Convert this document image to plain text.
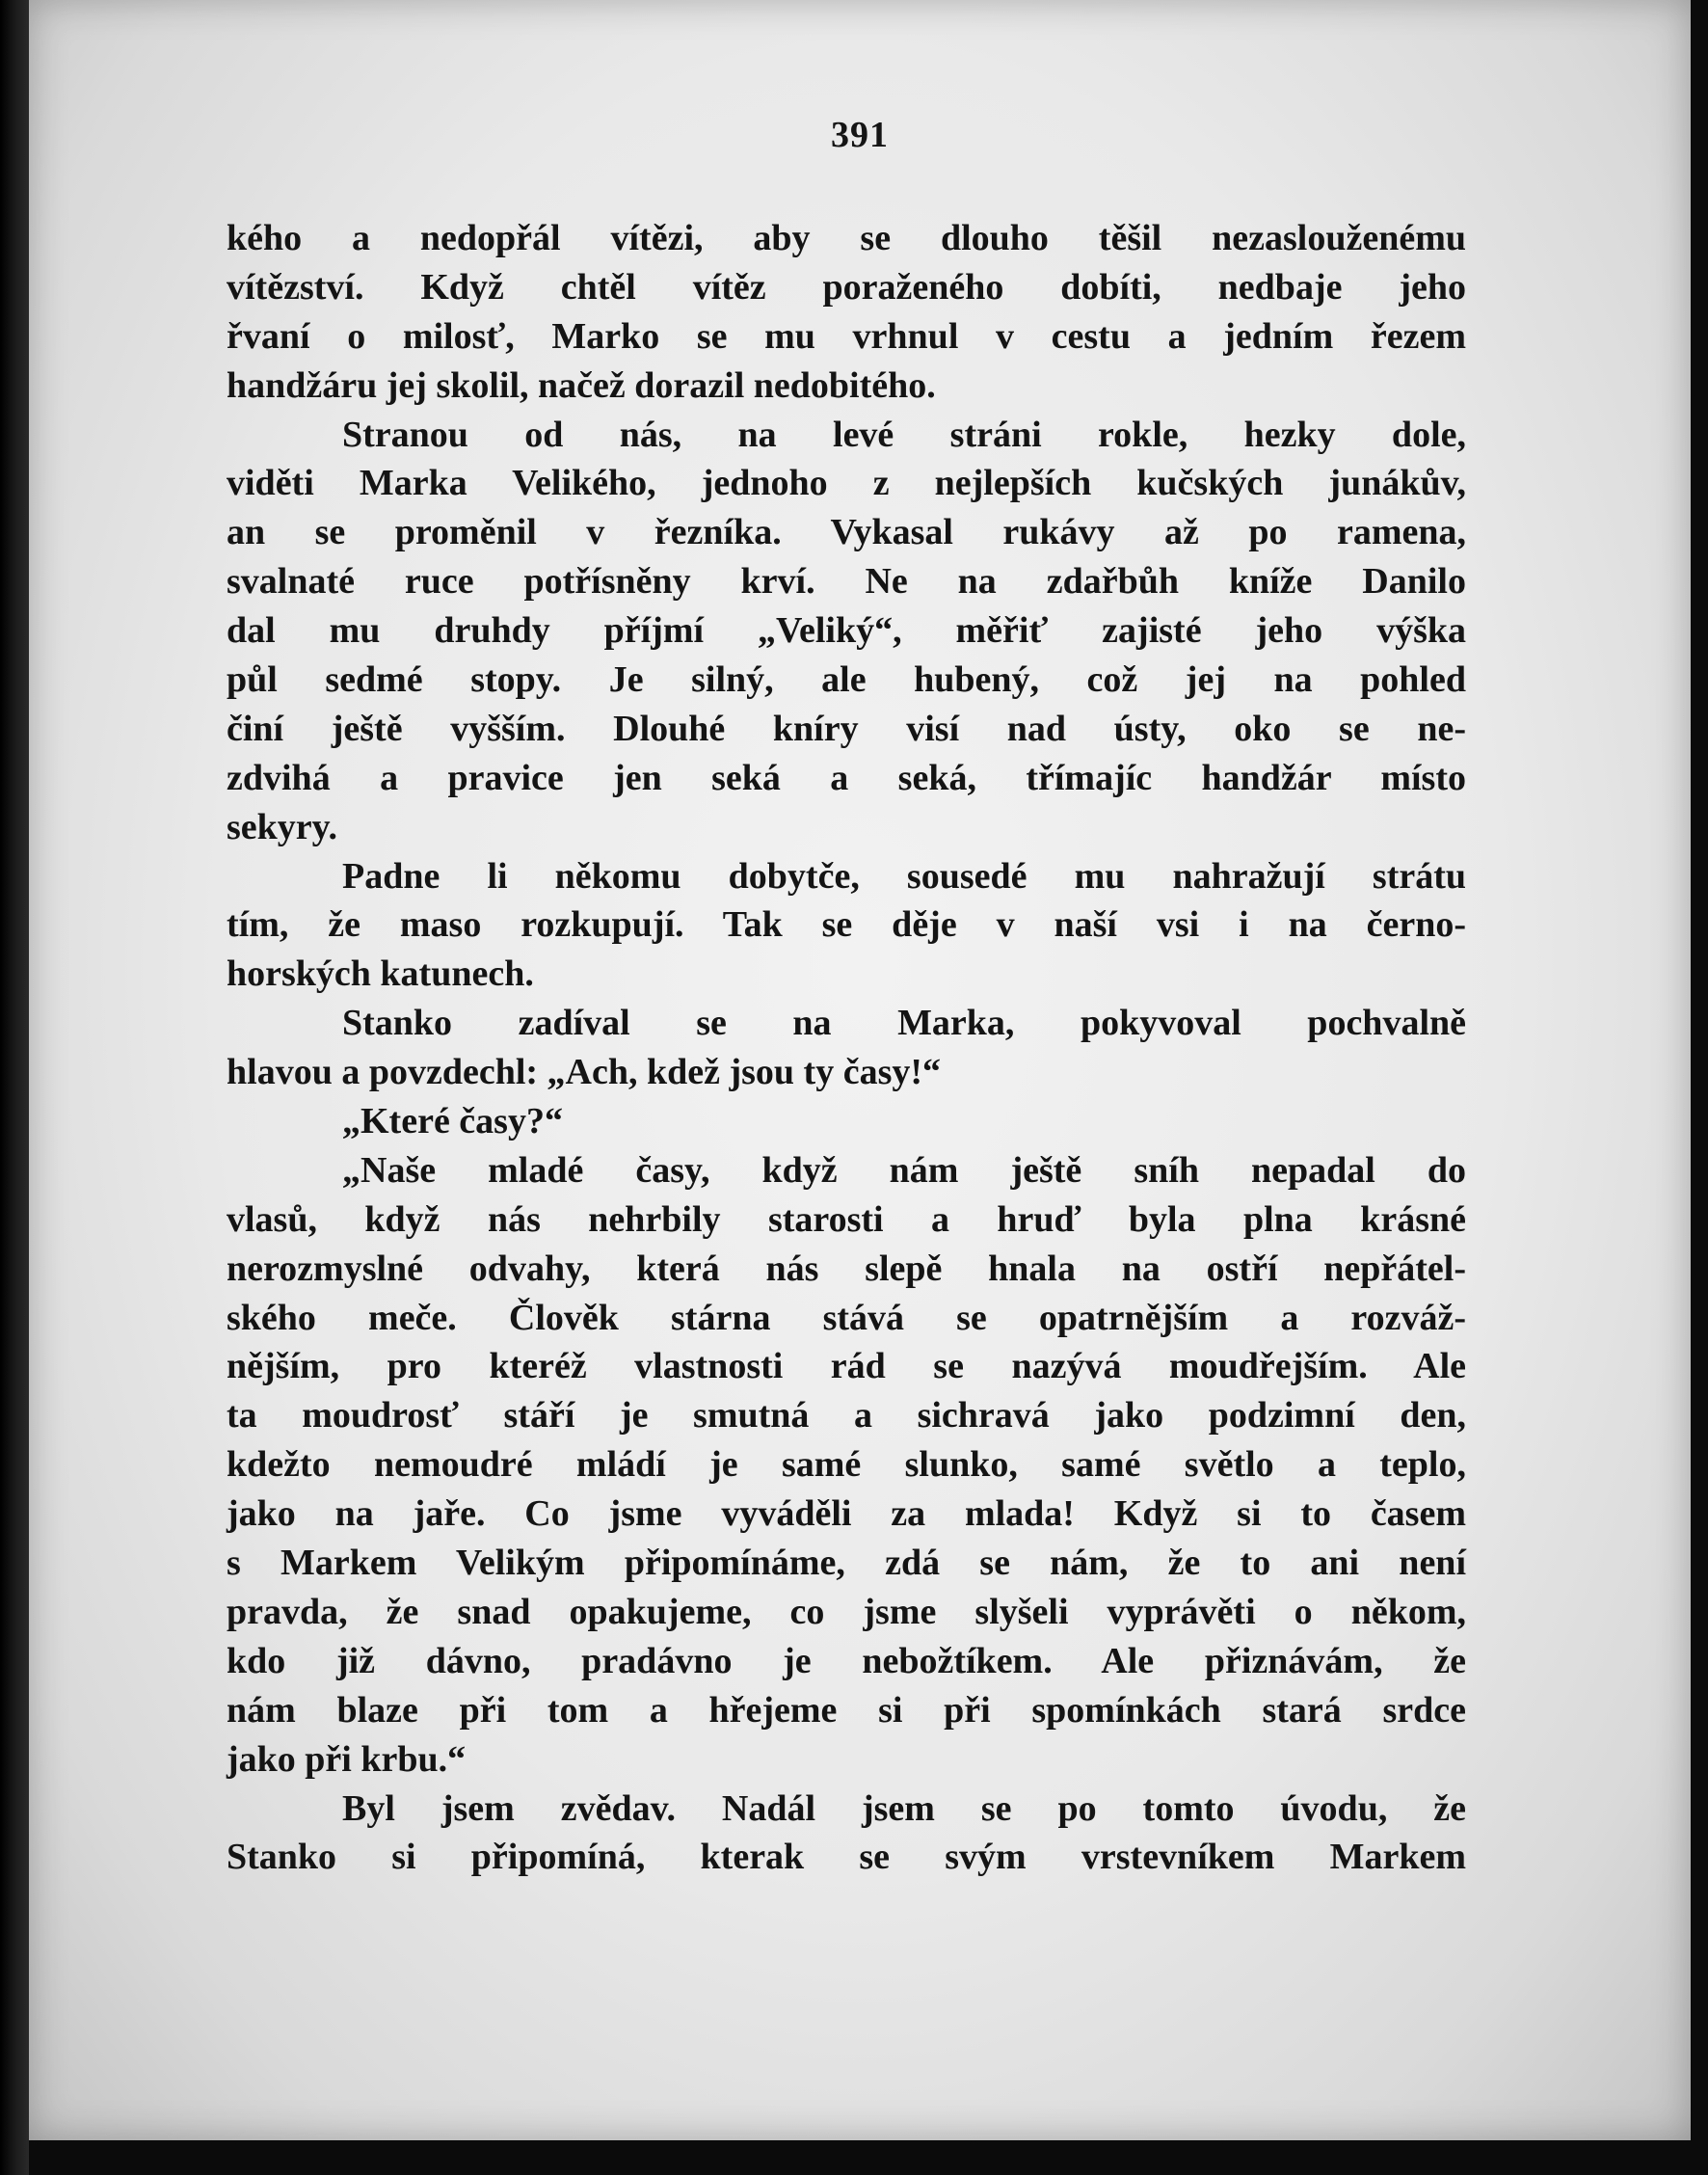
391
kého a nedopřál vítězi, aby se dlouho těšil nezaslouženému
vítězství. Když chtěl vítěz poraženého dobíti, nedbaje jeho
řvaní o milosť, Marko se mu vrhnul v cestu a jedním řezem
handžáru jej skolil, načež dorazil nedobitého.
Stranou od nás, na levé stráni rokle, hezky dole,
viděti Marka Velikého, jednoho z nejlepších kučských junákův,
an se proměnil v řezníka. Vykasal rukávy až po ramena,
svalnaté ruce potřísněny krví. Ne na zdařbůh kníže Danilo
dal mu druhdy příjmí „Veliký“, měřiť zajisté jeho výška
půl sedmé stopy. Je silný, ale hubený, což jej na pohled
činí ještě vyšším. Dlouhé kníry visí nad ústy, oko se ne-
zdvihá a pravice jen seká a seká, třímajíc handžár místo
sekyry.
Padne li někomu dobytče, sousedé mu nahražují strátu
tím, že maso rozkupují. Tak se děje v naší vsi i na černo-
horských katunech.
Stanko zadíval se na Marka, pokyvoval pochvalně
hlavou a povzdechl: „Ach, kdež jsou ty časy!“
„Které časy?“
„Naše mladé časy, když nám ještě sníh nepadal do
vlasů, když nás nehrbily starosti a hruď byla plna krásné
nerozmyslné odvahy, která nás slepě hnala na ostří nepřátel-
ského meče. Člověk stárna stává se opatrnějším a rozváž-
nějším, pro kteréž vlastnosti rád se nazývá moudřejším. Ale
ta moudrosť stáří je smutná a sichravá jako podzimní den,
kdežto nemoudré mládí je samé slunko, samé světlo a teplo,
jako na jaře. Co jsme vyváděli za mlada! Když si to časem
s Markem Velikým připomínáme, zdá se nám, že to ani není
pravda, že snad opakujeme, co jsme slyšeli vyprávěti o někom,
kdo již dávno, pradávno je nebožtíkem. Ale přiznávám, že
nám blaze při tom a hřejeme si při spomínkách stará srdce
jako při krbu.“
Byl jsem zvědav. Nadál jsem se po tomto úvodu, že
Stanko si připomíná, kterak se svým vrstevníkem Markem
